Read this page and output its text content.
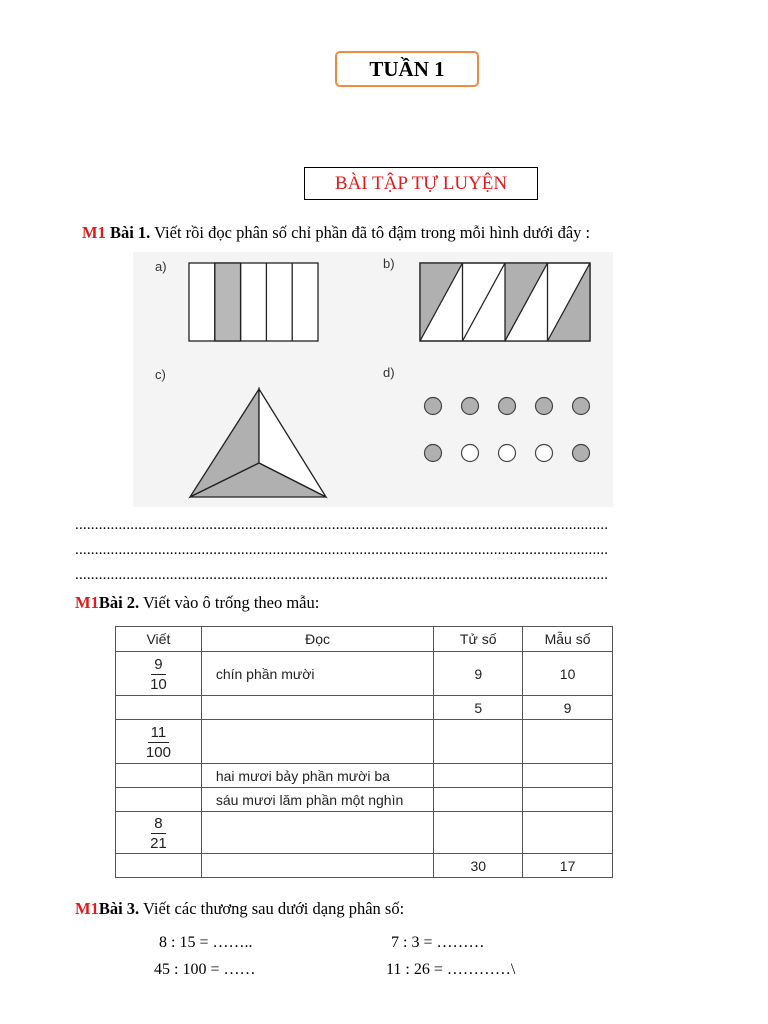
TUẦN 1
BÀI TẬP TỰ LUYỆN
M1 Bài 1. Viết rồi đọc phân số chỉ phần đã tô đậm trong mỗi hình dưới đây :
a)	b)
c)	d)
.......................................................................................................................................
.......................................................................................................................................
.......................................................................................................................................
M1Bài 2. Viết vào ô trống theo mẫu:
Viết	Đọc	Tử số	Mẫu số

$\frac{9}{10}$	chín phần mười	9	10
		5	9

$\frac{11}{100}$

	hai mươi bảy phần mười ba		
	sáu mươi lăm phần một nghìn		

$\frac{8}{21}$

		30	17
M1Bài 3. Viết các thương sau dưới dạng phân số:
8 : 15 = ……..	7 : 3 = ………
45 : 100 = ……	11 : 26 = …………\
